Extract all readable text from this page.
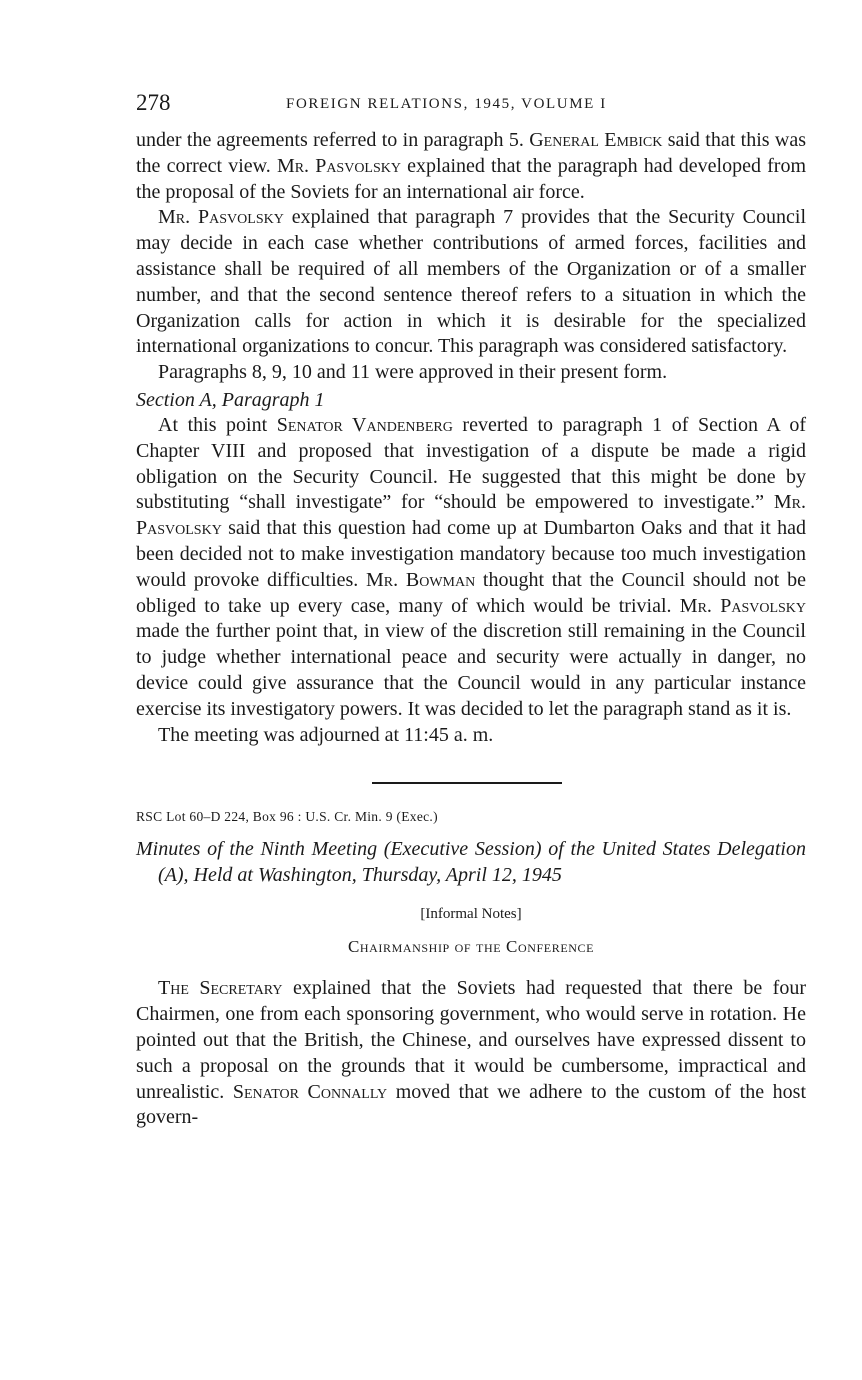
278	FOREIGN RELATIONS, 1945, VOLUME I

under the agreements referred to in paragraph 5. General Embick said that this was the correct view. Mr. Pasvolsky explained that the paragraph had developed from the proposal of the Soviets for an international air force.

Mr. Pasvolsky explained that paragraph 7 provides that the Security Council may decide in each case whether contributions of armed forces, facilities and assistance shall be required of all members of the Organization or of a smaller number, and that the second sentence thereof refers to a situation in which the Organization calls for action in which it is desirable for the specialized international organizations to concur. This paragraph was considered satisfactory.

Paragraphs 8, 9, 10 and 11 were approved in their present form.

Section A, Paragraph 1

At this point Senator Vandenberg reverted to paragraph 1 of Section A of Chapter VIII and proposed that investigation of a dispute be made a rigid obligation on the Security Council. He suggested that this might be done by substituting “shall investigate” for “should be empowered to investigate.” Mr. Pasvolsky said that this question had come up at Dumbarton Oaks and that it had been decided not to make investigation mandatory because too much investigation would provoke difficulties. Mr. Bowman thought that the Council should not be obliged to take up every case, many of which would be trivial. Mr. Pasvolsky made the further point that, in view of the discretion still remaining in the Council to judge whether international peace and security were actually in danger, no device could give assurance that the Council would in any particular instance exercise its investigatory powers. It was decided to let the paragraph stand as it is.

The meeting was adjourned at 11:45 a. m.

RSC Lot 60–D 224, Box 96 : U.S. Cr. Min. 9 (Exec.)
Minutes of the Ninth Meeting (Executive Session) of the United States Delegation (A), Held at Washington, Thursday, April 12, 1945
[Informal Notes]
Chairmanship of the Conference

The Secretary explained that the Soviets had requested that there be four Chairmen, one from each sponsoring government, who would serve in rotation. He pointed out that the British, the Chinese, and ourselves have expressed dissent to such a proposal on the grounds that it would be cumbersome, impractical and unrealistic. Senator Connally moved that we adhere to the custom of the host govern-
